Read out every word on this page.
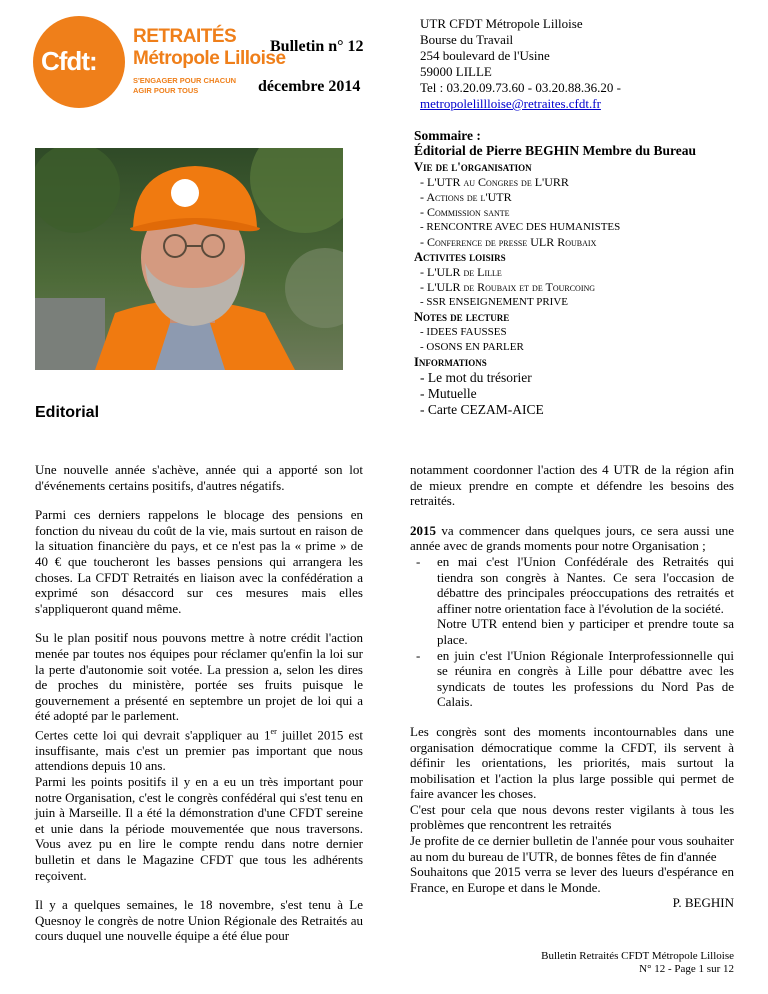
Cfdt:
RETRAITÉS
Métropole Lilloise
S'ENGAGER POUR CHACUN
AGIR POUR TOUS
Bulletin n° 12
décembre 2014
UTR CFDT Métropole Lilloise
Bourse du Travail
254 boulevard de l'Usine
59000 LILLE
Tel : 03.20.09.73.60 - 03.20.88.36.20 -
metropolelillloise@retraites.cfdt.fr
Editorial
Sommaire :
Éditorial de Pierre BEGHIN Membre du Bureau
Vie de l'organisation
- L'UTR au Congres de L'URR
- Actions de l'UTR
- Commission sante
- RENCONTRE AVEC DES HUMANISTES
- Conference de presse ULR Roubaix
Activites loisirs
- L'ULR de Lille
- L'ULR de Roubaix et de Tourcoing
- SSR ENSEIGNEMENT PRIVE
Notes de lecture
- IDEES FAUSSES
- OSONS EN PARLER
Informations
- Le mot du trésorier
- Mutuelle
- Carte CEZAM-AICE

Une nouvelle année s'achève, année qui a apporté son lot d'événements certains positifs, d'autres négatifs.

Parmi ces derniers rappelons le blocage des pensions en fonction du niveau du coût de la vie, mais surtout en raison de la situation financière du pays, et ce n'est pas la « prime » de 40 € que toucheront les basses pensions qui arrangera les choses. La CFDT Retraités en liaison avec la confédération a exprimé son désaccord sur ces mesures mais elles s'appliqueront quand même.

Su le plan positif nous pouvons mettre à notre crédit l'action menée par toutes nos équipes pour réclamer qu'enfin la loi sur la perte d'autonomie soit votée. La pression a, selon les dires de proches du ministère, portée ses fruits puisque le gouvernement a présenté en septembre un projet de loi qui a été adopté par le parlement.

Certes cette loi qui devrait s'appliquer au 1er juillet 2015 est insuffisante, mais c'est un premier pas important que nous attendions depuis 10 ans.

Parmi les points positifs il y en a eu un très important pour notre Organisation, c'est le congrès confédéral qui s'est tenu en juin à Marseille. Il a été la démonstration d'une CFDT sereine et unie dans la période mouvementée que nous traversons. Vous avez pu en lire le compte rendu dans notre dernier bulletin et dans le Magazine CFDT que tous les adhérents reçoivent.

Il y a quelques semaines, le 18 novembre, s'est tenu à Le Quesnoy le congrès de notre Union Régionale des Retraités au cours duquel une nouvelle équipe a été élue pour

notamment coordonner l'action des 4 UTR de la région afin de mieux prendre en compte et défendre les besoins des retraités.

2015 va commencer dans quelques jours, ce sera aussi une année avec de grands moments pour notre Organisation ;

- en mai c'est l'Union Confédérale des Retraités qui tiendra son congrès à Nantes. Ce sera l'occasion de débattre des principales préoccupations des retraités et affiner notre orientation face à l'évolution de la société.
Notre UTR entend bien y participer et prendre toute sa place.
- en juin c'est l'Union Régionale Interprofessionnelle qui se réunira en congrès à Lille pour débattre avec les syndicats de toutes les professions du Nord Pas de Calais.

Les congrès sont des moments incontournables dans une organisation démocratique comme la CFDT, ils servent à définir les orientations, les priorités, mais surtout la mobilisation et l'action la plus large possible qui permet de faire avancer les choses.

C'est pour cela que nous devons rester vigilants à tous les problèmes que rencontrent les retraités

Je profite de ce dernier bulletin de l'année pour vous souhaiter au nom du bureau de l'UTR, de bonnes fêtes de fin d'année

Souhaitons que 2015 verra se lever des lueurs d'espérance en France, en Europe et dans le Monde.

P. BEGHIN

Bulletin Retraités CFDT Métropole Lilloise
N° 12 - Page 1 sur 12
